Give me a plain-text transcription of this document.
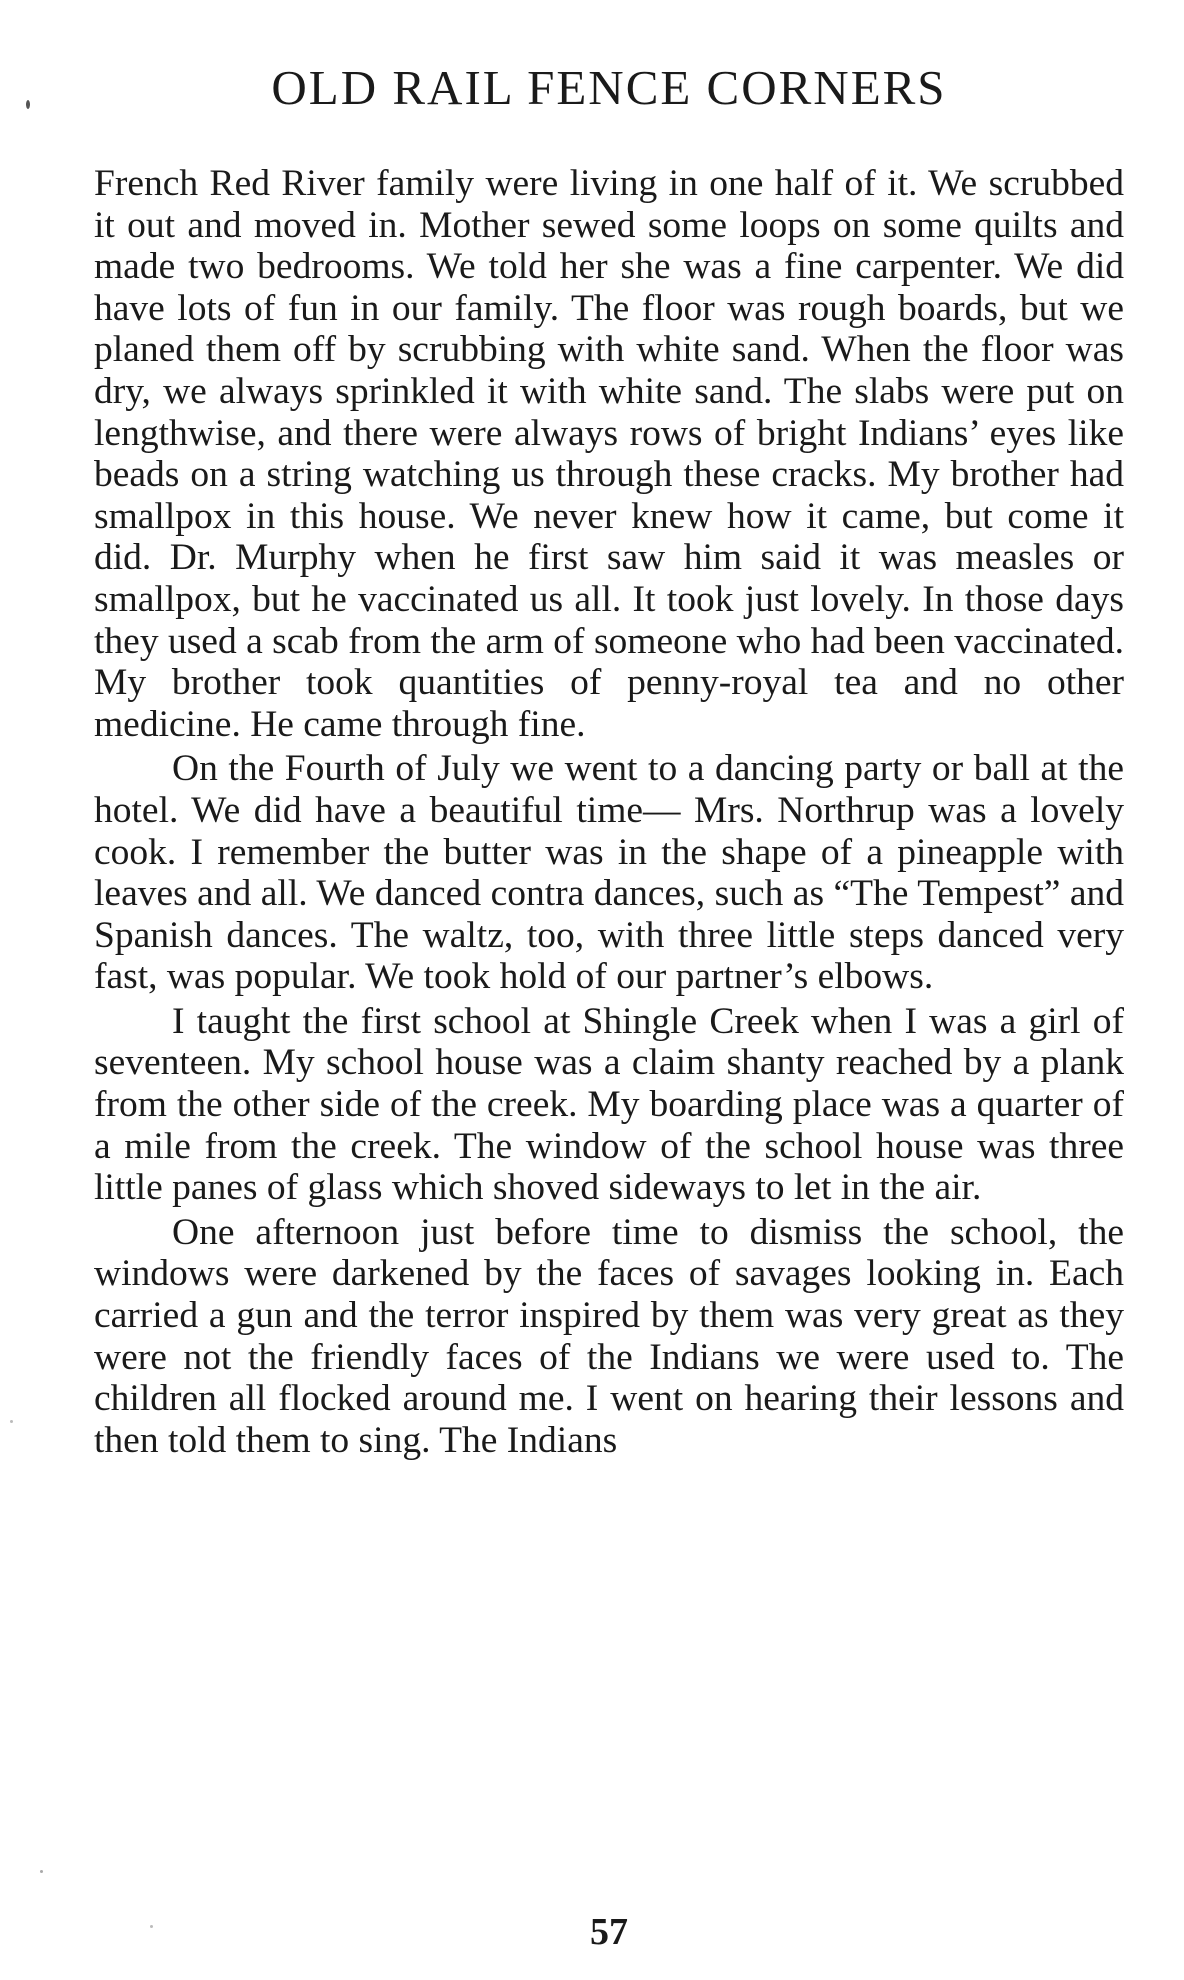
OLD RAIL FENCE CORNERS

French Red River family were living in one half of it. We scrubbed it out and moved in. Mother sewed some loops on some quilts and made two bedrooms. We told her she was a fine carpenter. We did have lots of fun in our family. The floor was rough boards, but we planed them off by scrubbing with white sand. When the floor was dry, we always sprinkled it with white sand. The slabs were put on lengthwise, and there were always rows of bright Indians’ eyes like beads on a string watching us through these cracks. My brother had smallpox in this house. We never knew how it came, but come it did. Dr. Murphy when he first saw him said it was measles or smallpox, but he vaccinated us all. It took just lovely. In those days they used a scab from the arm of someone who had been vaccinated. My brother took quantities of penny-royal tea and no other medicine. He came through fine.

On the Fourth of July we went to a dancing party or ball at the hotel. We did have a beautiful time— Mrs. Northrup was a lovely cook. I remember the butter was in the shape of a pineapple with leaves and all. We danced contra dances, such as “The Tempest” and Spanish dances. The waltz, too, with three little steps danced very fast, was popular. We took hold of our partner’s elbows.

I taught the first school at Shingle Creek when I was a girl of seventeen. My school house was a claim shanty reached by a plank from the other side of the creek. My boarding place was a quarter of a mile from the creek. The window of the school house was three little panes of glass which shoved sideways to let in the air.

One afternoon just before time to dismiss the school, the windows were darkened by the faces of savages looking in. Each carried a gun and the terror inspired by them was very great as they were not the friendly faces of the Indians we were used to. The children all flocked around me. I went on hearing their lessons and then told them to sing. The Indians

57
